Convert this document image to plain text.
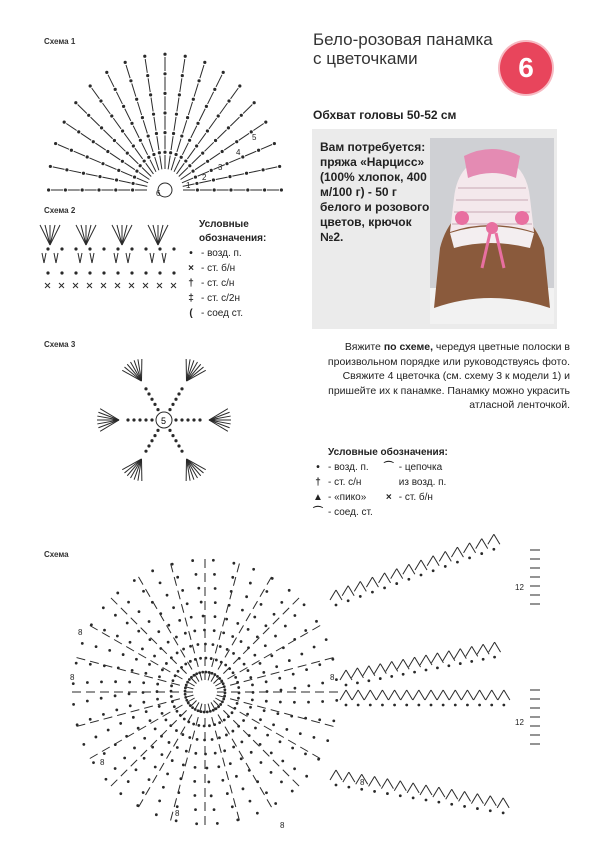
Схема 1
Схема 2
Схема 3
Схема
6
1
2
3
4
5
Условные обозначения:
• - возд. п.
× - ст. б/н
† - ст. с/н
‡ - ст. с/2н
( - соед ст.
5
Бело-розовая панамка с цветочками	6
Обхват головы 50-52 см
Вам потребуется: пряжа «Нарцисс» (100% хлопок, 400 м/100 г) - 50 г белого и розового цветов, крючок №2.
Вяжите по схеме, чередуя цветные полоски в произвольном порядке или руководствуясь фото. Свяжите 4 цветочка (см. схему 3 к модели 1) и пришейте их к панамке. Панамку можно украсить атласной ленточкой.
Условные обозначения:
• - возд. п.
† - ст. с/н
▲ - «пико»
⌒ - соед. ст.
⌒ - цепочка
из возд. п.
× - ст. б/н
8
8
8
8
8
8
8
12
12
